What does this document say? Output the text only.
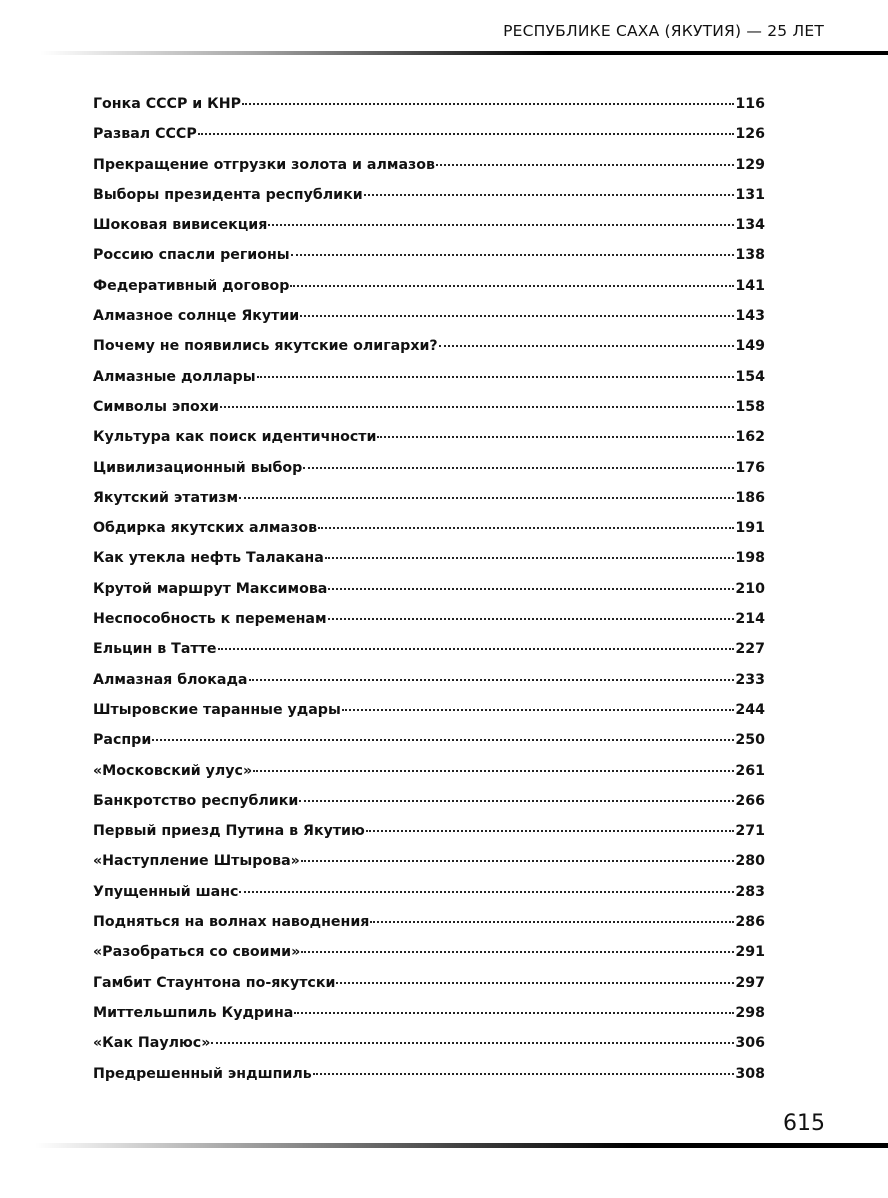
РЕСПУБЛИКЕ САХА (ЯКУТИЯ) — 25 ЛЕТ
Гонка СССР и КНР	116
Развал СССР	126
Прекращение отгрузки золота и алмазов	129
Выборы президента республики	131
Шоковая вивисекция	134
Россию спасли регионы	138
Федеративный договор	141
Алмазное солнце Якутии	143
Почему не появились якутские олигархи?	149
Алмазные доллары	154
Символы эпохи	158
Культура как поиск идентичности	162
Цивилизационный выбор	176
Якутский этатизм	186
Обдирка якутских алмазов	191
Как утекла нефть Талакана	198
Крутой маршрут Максимова	210
Неспособность к переменам	214
Ельцин в Татте	227
Алмазная блокада	233
Штыровские таранные удары	244
Распри	250
«Московский улус»	261
Банкротство республики	266
Первый приезд Путина в Якутию	271
«Наступление Штырова»	280
Упущенный шанс	283
Подняться на волнах наводнения	286
«Разобраться со своими»	291
Гамбит Стаунтона по-якутски	297
Миттельшпиль Кудрина	298
«Как Паулюс»	306
Предрешенный эндшпиль	308
615
